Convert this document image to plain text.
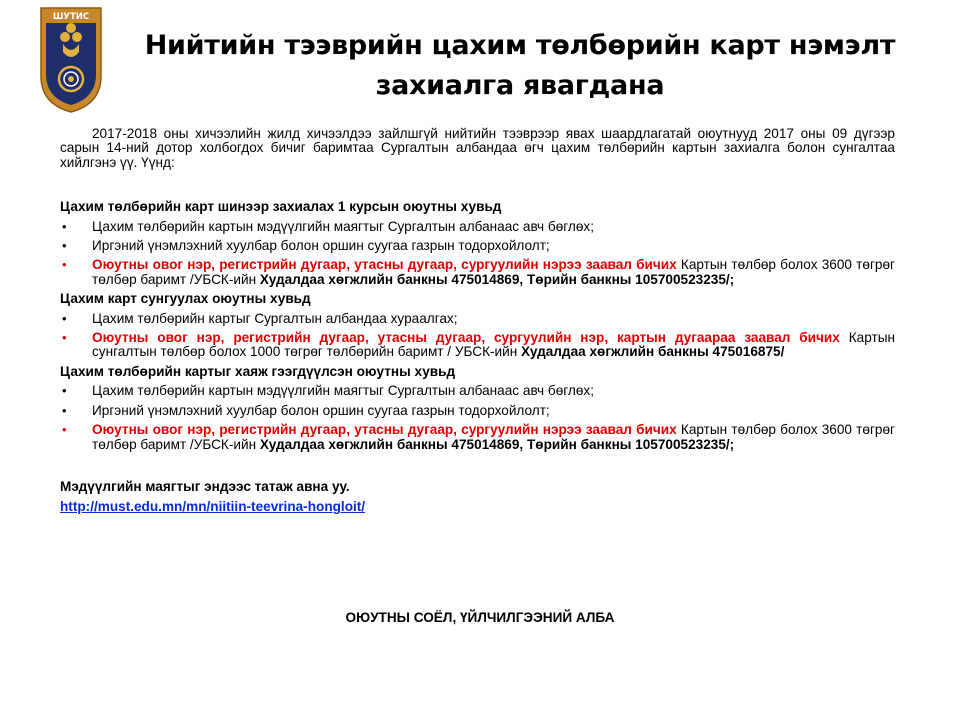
ШУТИС
Нийтийн тээврийн цахим төлбөрийн карт нэмэлт
захиалга явагдана

2017-2018 оны хичээлийн жилд хичээлдээ зайлшгүй нийтийн тээврээр явах шаардлагатай оюутнууд 2017 оны 09 дүгээр сарын 14-ний дотор холбогдох бичиг баримтаа Сургалтын албандаа өгч цахим төлбөрийн картын захиалга болон сунгалтаа хийлгэнэ үү. Үүнд:

Цахим төлбөрийн карт шинээр захиалах 1 курсын оюутны хувьд
• Цахим төлбөрийн картын мэдүүлгийн маягтыг Сургалтын албанаас авч бөглөх;
• Иргэний үнэмлэхний хуулбар болон оршин суугаа газрын тодорхойлолт;
• Оюутны овог нэр, регистрийн дугаар, утасны дугаар, сургуулийн нэрээ заавал бичих Картын төлбөр болох 3600 төгрөг төлбөр баримт /УБСК-ийн Худалдаа хөгжлийн банкны 475014869, Төрийн банкны 105700523235/;
Цахим карт сунгуулах оюутны хувьд
• Цахим төлбөрийн картыг Сургалтын албандаа хураалгах;
• Оюутны овог нэр, регистрийн дугаар, утасны дугаар, сургуулийн нэр, картын дугаараа заавал бичих Картын сунгалтын төлбөр болох 1000 төгрөг төлбөрийн баримт / УБСК-ийн Худалдаа хөгжлийн банкны 475016875/
Цахим төлбөрийн картыг хаяж гээгдүүлсэн оюутны хувьд
• Цахим төлбөрийн картын мэдүүлгийн маягтыг Сургалтын албанаас авч бөглөх;
• Иргэний үнэмлэхний хуулбар болон оршин суугаа газрын тодорхойлолт;
• Оюутны овог нэр, регистрийн дугаар, утасны дугаар, сургуулийн нэрээ заавал бичих Картын төлбөр болох 3600 төгрөг төлбөр баримт /УБСК-ийн Худалдаа хөгжлийн банкны 475014869, Төрийн банкны 105700523235/;
Мэдүүлгийн маягтыг эндээс татаж авна уу.
http://must.edu.mn/mn/niitiin-teevrina-hongloit/
ОЮУТНЫ СОЁЛ, ҮЙЛЧИЛГЭЭНИЙ АЛБА
